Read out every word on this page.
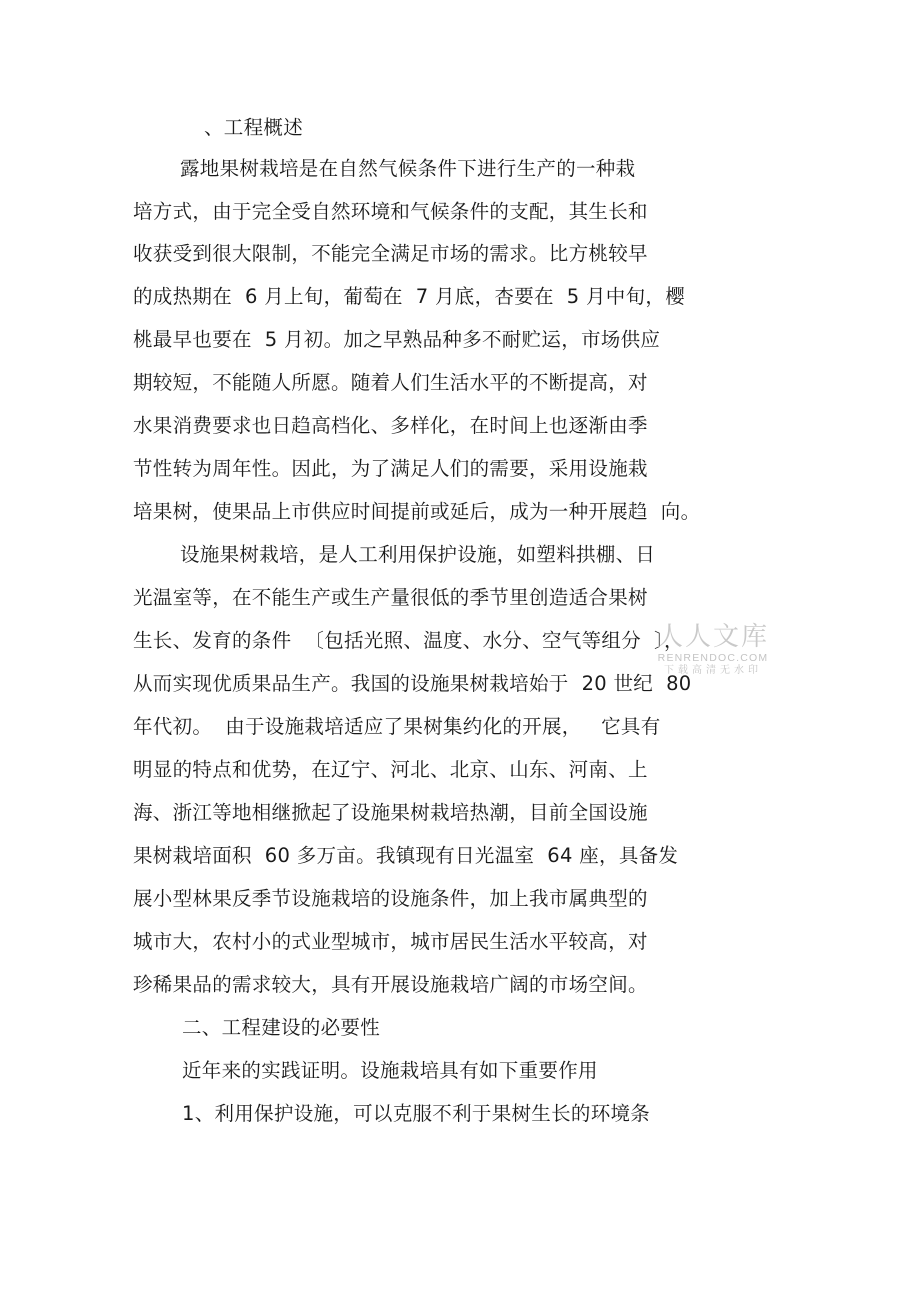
、工程概述
露地果树栽培是在自然气候条件下进行生产的一种栽
培方式，由于完全受自然环境和气候条件的支配，其生长和
收获受到很大限制，不能完全满足市场的需求。比方桃较早
的成热期在  6 月上旬，葡萄在  7 月底，杏要在  5 月中旬，樱
桃最早也要在  5 月初。加之早熟品种多不耐贮运，市场供应
期较短，不能随人所愿。随着人们生活水平的不断提高，对
水果消费要求也日趋高档化、多样化，在时间上也逐渐由季
节性转为周年性。因此，为了满足人们的需要，采用设施栽
培果树，使果品上市供应时间提前或延后，成为一种开展趋  向。
设施果树栽培，是人工利用保护设施，如塑料拱棚、日
光温室等，在不能生产或生产量很低的季节里创造适合果树
生长、发育的条件  〔包括光照、温度、水分、空气等组分  〕，
从而实现优质果品生产。我国的设施果树栽培始于  20 世纪  80
年代初。  由于设施栽培适应了果树集约化的开展，   它具有
明显的特点和优势，在辽宁、河北、北京、山东、河南、上
海、浙江等地相继掀起了设施果树栽培热潮，目前全国设施
果树栽培面积  60 多万亩。我镇现有日光温室  64 座，具备发
展小型林果反季节设施栽培的设施条件，加上我市属典型的
城市大，农村小的式业型城市，城市居民生活水平较高，对
珍稀果品的需求较大，具有开展设施栽培广阔的市场空间。
二、工程建设的必要性
近年来的实践证明。设施栽培具有如下重要作用
1、利用保护设施，可以克服不利于果树生长的环境条
人人文库
RENRENDOC.COM
下载高清无水印
